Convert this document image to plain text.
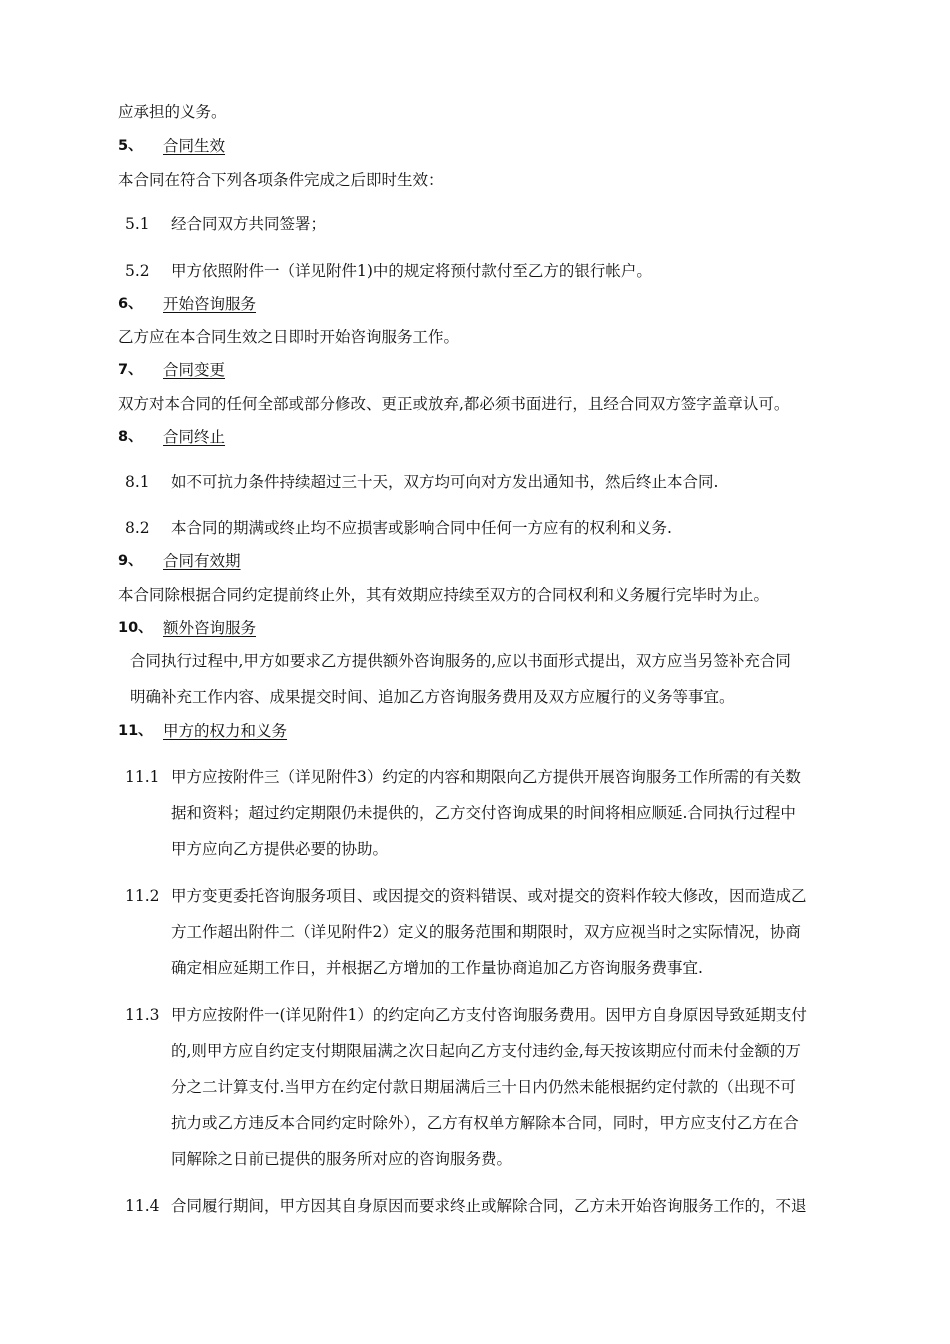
应承担的义务。
5、 合同生效
本合同在符合下列各项条件完成之后即时生效：
5.1 经合同双方共同签署；
5.2 甲方依照附件一（详见附件1)中的规定将预付款付至乙方的银行帐户。
6、 开始咨询服务
乙方应在本合同生效之日即时开始咨询服务工作。
7、 合同变更
双方对本合同的任何全部或部分修改、更正或放弃,都必须书面进行，且经合同双方签字盖章认可。
8、 合同终止
8.1 如不可抗力条件持续超过三十天，双方均可向对方发出通知书，然后终止本合同.
8.2 本合同的期满或终止均不应损害或影响合同中任何一方应有的权利和义务.
9、 合同有效期
本合同除根据合同约定提前终止外，其有效期应持续至双方的合同权利和义务履行完毕时为止。
10、 额外咨询服务
合同执行过程中,甲方如要求乙方提供额外咨询服务的,应以书面形式提出，双方应当另签补充合同
明确补充工作内容、成果提交时间、追加乙方咨询服务费用及双方应履行的义务等事宜。
11、 甲方的权力和义务
11.1 甲方应按附件三（详见附件3）约定的内容和期限向乙方提供开展咨询服务工作所需的有关数
据和资料；超过约定期限仍未提供的，乙方交付咨询成果的时间将相应顺延.合同执行过程中
甲方应向乙方提供必要的协助。
11.2 甲方变更委托咨询服务项目、或因提交的资料错误、或对提交的资料作较大修改，因而造成乙
方工作超出附件二（详见附件2）定义的服务范围和期限时，双方应视当时之实际情况，协商
确定相应延期工作日，并根据乙方增加的工作量协商追加乙方咨询服务费事宜.
11.3 甲方应按附件一(详见附件1）的约定向乙方支付咨询服务费用。因甲方自身原因导致延期支付
的,则甲方应自约定支付期限届满之次日起向乙方支付违约金,每天按该期应付而未付金额的万
分之二计算支付.当甲方在约定付款日期届满后三十日内仍然未能根据约定付款的（出现不可
抗力或乙方违反本合同约定时除外），乙方有权单方解除本合同，同时，甲方应支付乙方在合
同解除之日前已提供的服务所对应的咨询服务费。
11.4 合同履行期间，甲方因其自身原因而要求终止或解除合同，乙方未开始咨询服务工作的，不退
